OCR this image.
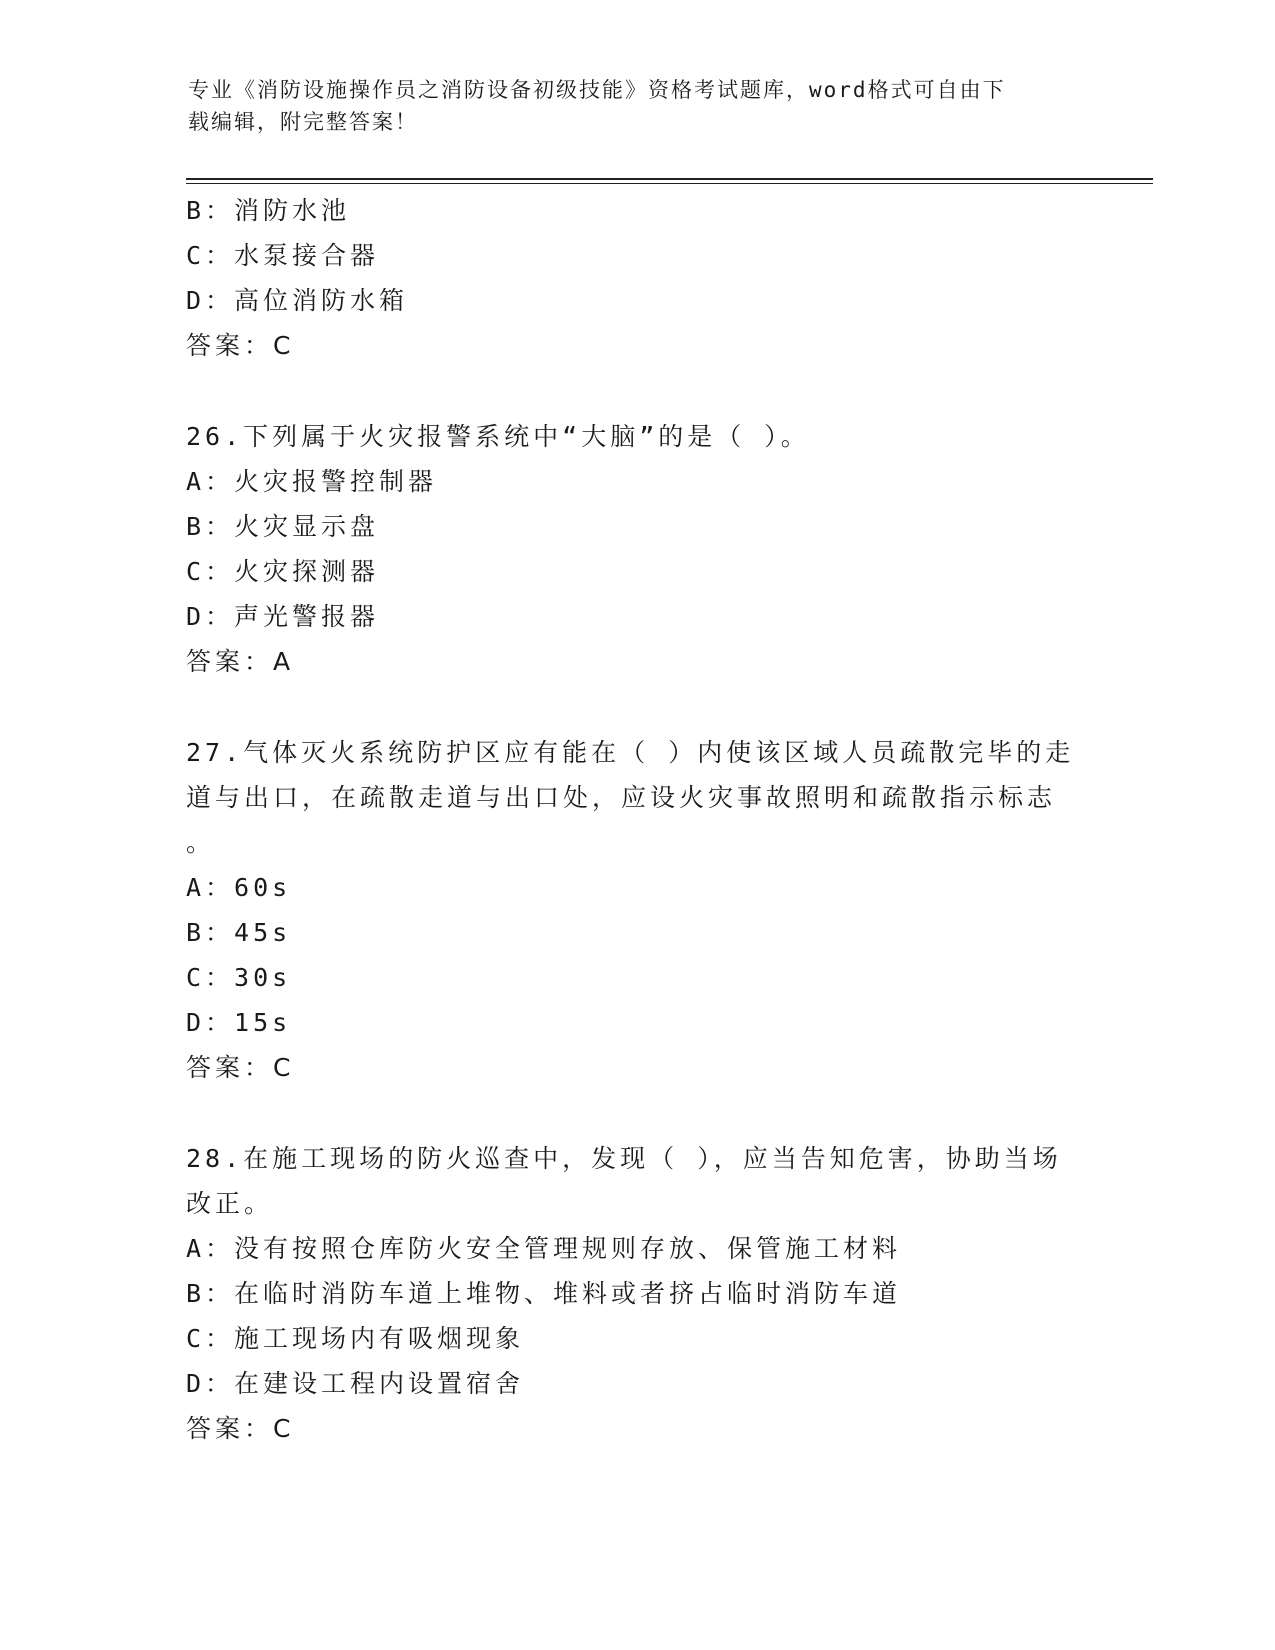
专业《消防设施操作员之消防设备初级技能》资格考试题库，word格式可自由下
载编辑，附完整答案！
B：消防水池
C：水泵接合器
D：高位消防水箱
答案：C
26.下列属于火灾报警系统中“大脑”的是（ ）。
A：火灾报警控制器
B：火灾显示盘
C：火灾探测器
D：声光警报器
答案：A
27.气体灭火系统防护区应有能在（ ）内使该区域人员疏散完毕的走
道与出口，在疏散走道与出口处，应设火灾事故照明和疏散指示标志
。
A：60s
B：45s
C：30s
D：15s
答案：C
28.在施工现场的防火巡查中，发现（ ），应当告知危害，协助当场
改正。
A：没有按照仓库防火安全管理规则存放、保管施工材料
B：在临时消防车道上堆物、堆料或者挤占临时消防车道
C：施工现场内有吸烟现象
D：在建设工程内设置宿舍
答案：C
